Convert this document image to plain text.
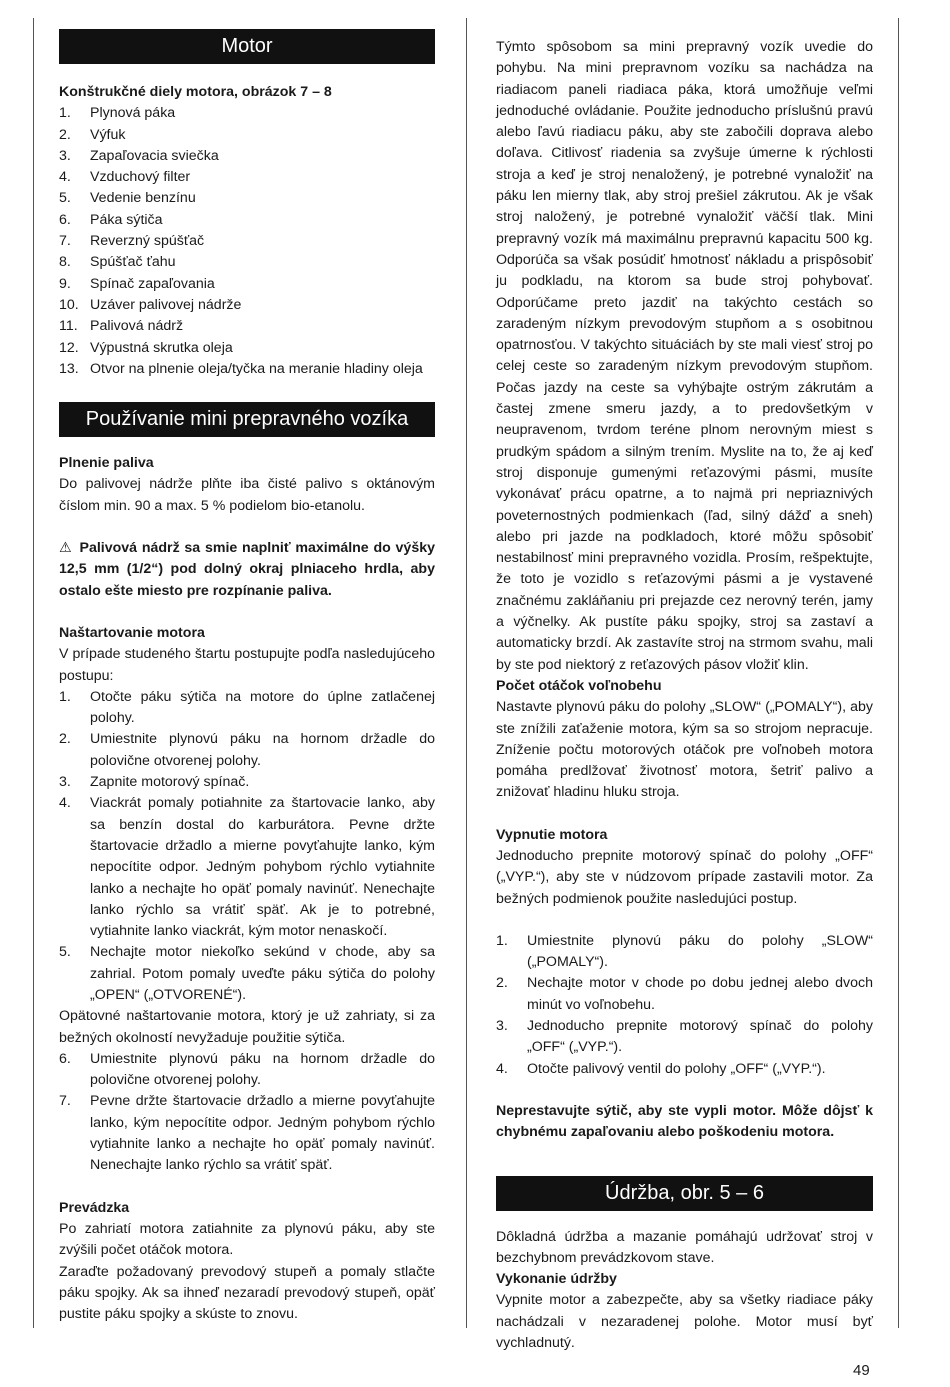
Motor
Konštrukčné diely motora, obrázok 7 – 8
1.	Plynová páka
2.	Výfuk
3.	Zapaľovacia sviečka
4.	Vzduchový filter
5.	Vedenie benzínu
6.	Páka sýtiča
7.	Reverzný spúšťač
8.	Spúšťač ťahu
9.	Spínač zapaľovania
10. Uzáver palivovej nádrže
11. Palivová nádrž
12. Výpustná skrutka oleja
13. Otvor na plnenie oleja/tyčka na meranie hladiny oleja
Používanie mini prepravného vozíka
Plnenie paliva

Do palivovej nádrže plňte iba čisté palivo s oktánovým číslom min. 90 a max. 5 % podielom bio-etanolu.

⚠ Palivová nádrž sa smie naplniť maximálne do výšky 12,5 mm (1/2“) pod dolný okraj plniaceho hrdla, aby ostalo ešte miesto pre rozpínanie paliva.

Naštartovanie motora

V prípade studeného štartu postupujte podľa nasledujúceho postupu:

1.	Otočte páku sýtiča na motore do úplne zatlačenej polohy.
2.	Umiestnite plynovú páku na hornom držadle do polovične otvorenej polohy.
3.	Zapnite motorový spínač.
4.	Viackrát pomaly potiahnite za štartovacie lanko, aby sa benzín dostal do karburátora. Pevne držte štartovacie držadlo a mierne povyťahujte lanko, kým nepocítite odpor. Jedným pohybom rýchlo vytiahnite lanko a nechajte ho opäť pomaly navinúť. Nenechajte lanko rýchlo sa vrátiť späť. Ak je to potrebné, vytiahnite lanko viackrát, kým motor nenaskočí.
5.	Nechajte motor niekoľko sekúnd v chode, aby sa zahrial. Potom pomaly uveďte páku sýtiča do polohy „OPEN“ („OTVORENÉ“).

Opätovné naštartovanie motora, ktorý je už zahriaty, si za bežných okolností nevyžaduje použitie sýtiča.

6.	Umiestnite plynovú páku na hornom držadle do polovične otvorenej polohy.
7.	Pevne držte štartovacie držadlo a mierne povyťahujte lanko, kým nepocítite odpor. Jedným pohybom rýchlo vytiahnite lanko a nechajte ho opäť pomaly navinúť. Nenechajte lanko rýchlo sa vrátiť späť.
Prevádzka

Po zahriatí motora zatiahnite za plynovú páku, aby ste zvýšili počet otáčok motora.

Zaraďte požadovaný prevodový stupeň a pomaly stlačte páku spojky. Ak sa ihneď nezaradí prevodový stupeň, opäť pustite páku spojky a skúste to znovu.

Týmto spôsobom sa mini prepravný vozík uvedie do pohybu. Na mini prepravnom vozíku sa nachádza na riadiacom paneli riadiaca páka, ktorá umožňuje veľmi jednoduché ovládanie. Použite jednoducho príslušnú pravú alebo ľavú riadiacu páku, aby ste zabočili doprava alebo doľava. Citlivosť riadenia sa zvyšuje úmerne k rýchlosti stroja a keď je stroj nenaložený, je potrebné vynaložiť na páku len mierny tlak, aby stroj prešiel zákrutou. Ak je však stroj naložený, je potrebné vynaložiť väčší tlak. Mini prepravný vozík má maximálnu prepravnú kapacitu 500 kg. Odporúča sa však posúdiť hmotnosť nákladu a prispôsobiť ju podkladu, na ktorom sa bude stroj pohybovať. Odporúčame preto jazdiť na takýchto cestách so zaradeným nízkym prevodovým stupňom a s osobitnou opatrnosťou. V takýchto situáciách by ste mali viesť stroj po celej ceste so zaradeným nízkym prevodovým stupňom. Počas jazdy na ceste sa vyhýbajte ostrým zákrutám a častej zmene smeru jazdy, a to predovšetkým v neupravenom, tvrdom teréne plnom nerovným miest s prudkým spádom a silným trením. Myslite na to, že aj keď stroj disponuje gumenými reťazovými pásmi, musíte vykonávať prácu opatrne, a to najmä pri nepriaznivých poveternostných podmienkach (ľad, silný dážď a sneh) alebo pri jazde na podkladoch, ktoré môžu spôsobiť nestabilnosť mini prepravného vozidla. Prosím, rešpektujte, že toto je vozidlo s reťazovými pásmi a je vystavené značnému zakláňaniu pri prejazde cez nerovný terén, jamy a výčnelky. Ak pustíte páku spojky, stroj sa zastaví a automaticky brzdí. Ak zastavíte stroj na strmom svahu, mali by ste pod niektorý z reťazových pásov vložiť klin.

Počet otáčok voľnobehu

Nastavte plynovú páku do polohy „SLOW“ („POMALY“), aby ste znížili zaťaženie motora, kým sa so strojom nepracuje. Zníženie počtu motorových otáčok pre voľnobeh motora pomáha predlžovať životnosť motora, šetriť palivo a znižovať hladinu hluku stroja.

Vypnutie motora

Jednoducho prepnite motorový spínač do polohy „OFF“ („VYP.“), aby ste v núdzovom prípade zastavili motor. Za bežných podmienok použite nasledujúci postup.

1.	Umiestnite plynovú páku do polohy „SLOW“ („POMALY“).
2.	Nechajte motor v chode po dobu jednej alebo dvoch minút vo voľnobehu.
3.	Jednoducho prepnite motorový spínač do polohy „OFF“ („VYP.“).
4.	Otočte palivový ventil do polohy „OFF“ („VYP.“).

Neprestavujte sýtič, aby ste vypli motor. Môže dôjsť k chybnému zapaľovaniu alebo poškodeniu motora.

Údržba, obr. 5 – 6

Dôkladná údržba a mazanie pomáhajú udržovať stroj v bezchybnom prevádzkovom stave.

Vykonanie údržby

Vypnite motor a zabezpečte, aby sa všetky riadiace páky nachádzali v nezaradenej polohe. Motor musí byť vychladnutý.

49
